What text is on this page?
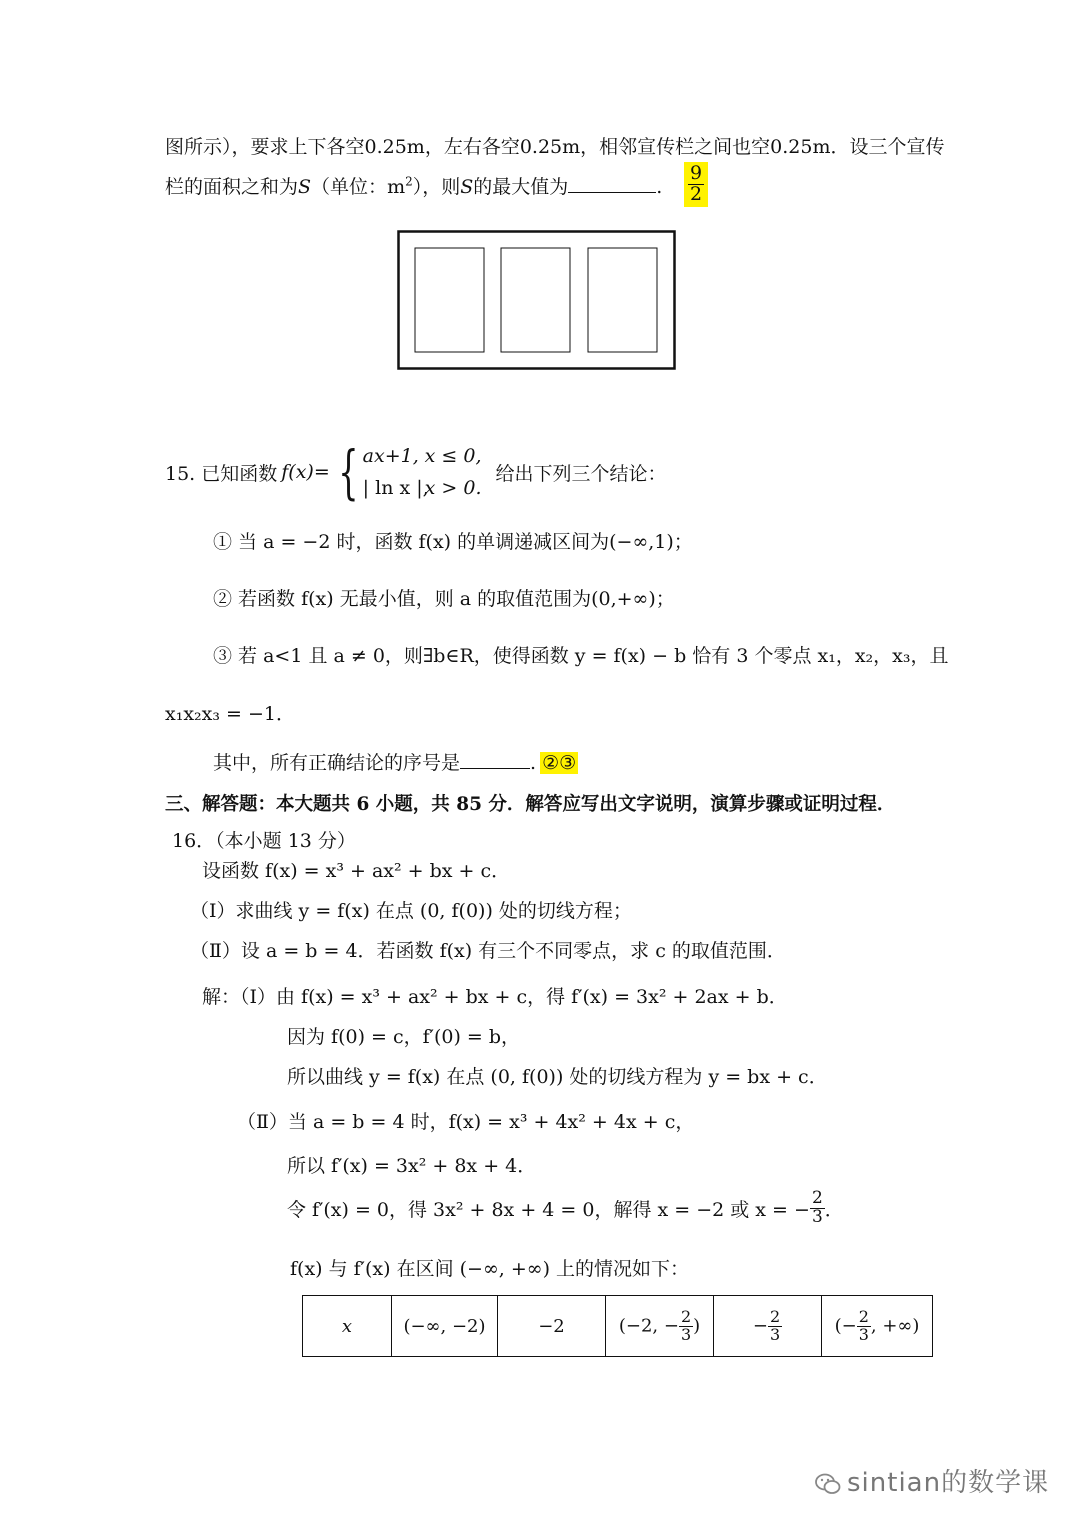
图所示），要求上下各空0.25m，左右各空0.25m，相邻宣传栏之间也空0.25m．设三个宣传
栏的面积之和为S（单位：$m^2$），则S的最大值为	. $\frac{9}{2}$
15. 已知函数 f(x)= { ax+1, x ≤ 0,
| ln x |,x > 0.
给出下列三个结论：
① 当 a = −2 时，函数 f(x) 的单调递减区间为(−∞,1)；
② 若函数 f(x) 无最小值，则 a 的取值范围为(0,+∞)；
③ 若 a<1 且 a ≠ 0，则∃b∈R，使得函数 y = f(x) − b 恰有 3 个零点 x₁，x₂，x₃，且
x₁x₂x₃ = −1．
其中，所有正确结论的序号是	. ②③
三、解答题：本大题共 6 小题，共 85 分．解答应写出文字说明，演算步骤或证明过程．
16．（本小题 13 分）
设函数 f(x) = x³ + ax² + bx + c．
（Ⅰ）求曲线 y = f(x) 在点 (0, f(0)) 处的切线方程；
（Ⅱ）设 a = b = 4．若函数 f(x) 有三个不同零点，求 c 的取值范围．
解：（Ⅰ）由 f(x) = x³ + ax² + bx + c，得 f′(x) = 3x² + 2ax + b．
因为 f(0) = c，f′(0) = b，
所以曲线 y = f(x) 在点 (0, f(0)) 处的切线方程为 y = bx + c．
（Ⅱ）当 a = b = 4 时，f(x) = x³ + 4x² + 4x + c，
所以 f′(x) = 3x² + 8x + 4．
令 f′(x) = 0，得 3x² + 8x + 4 = 0，解得 x = −2 或 x = − $\frac{2}{3}$ ．
f(x) 与 f′(x) 在区间 (−∞, +∞) 上的情况如下：
x	(−∞, −2)	−2	(−2, − $\frac{2}{3}$ )	− $\frac{2}{3}$	(− $\frac{2}{3}$ , +∞)
sintian的数学课
